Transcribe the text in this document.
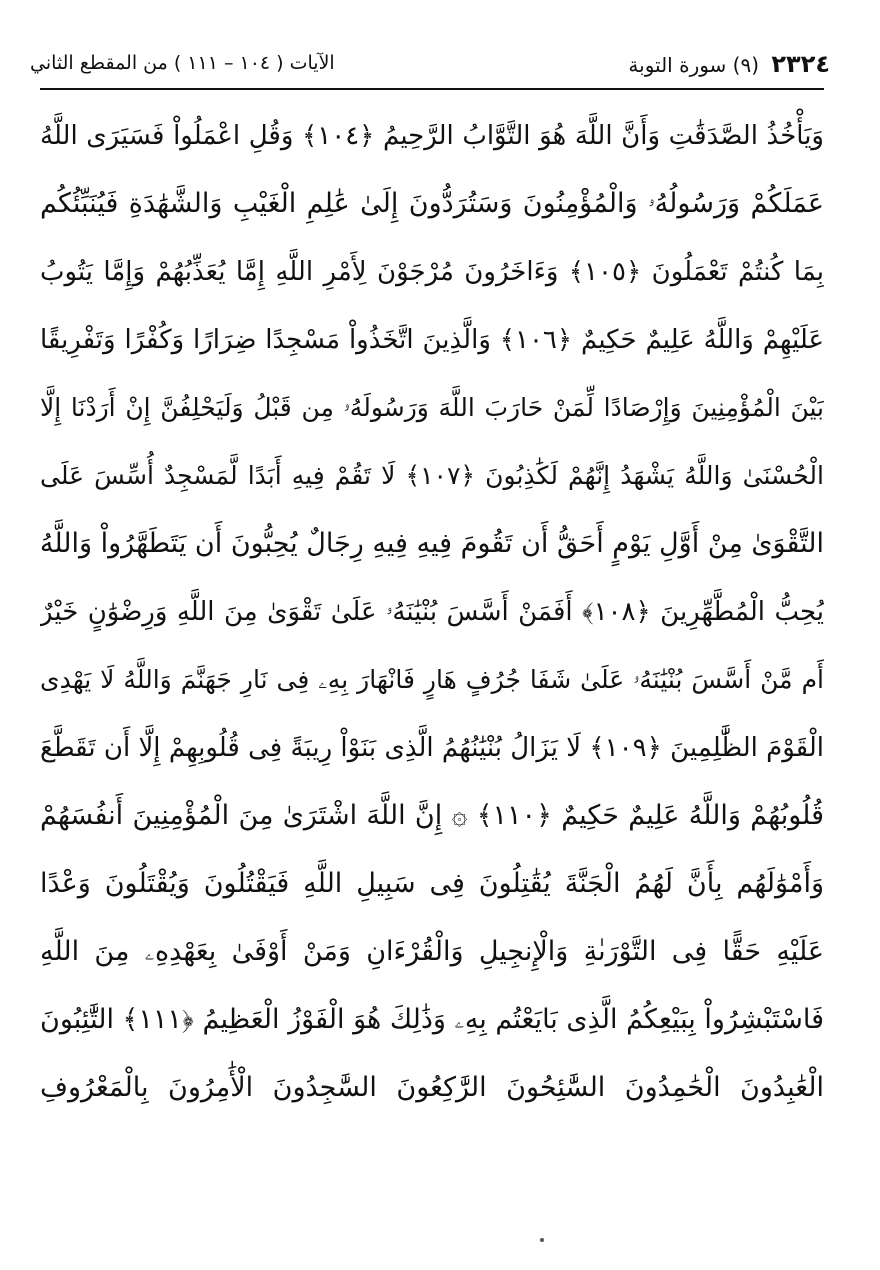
٢٣٢٤ (٩) سورة التوبة
الآيات ( ١٠٤ – ١١١ ) من المقطع الثاني
وَيَأْخُذُ الصَّدَقَٰتِ وَأَنَّ اللَّهَ هُوَ التَّوَّابُ الرَّحِيمُ ﴿١٠٤﴾ وَقُلِ اعْمَلُواْ فَسَيَرَى اللَّهُ
عَمَلَكُمْ وَرَسُولُهُۥ وَالْمُؤْمِنُونَ وَسَتُرَدُّونَ إِلَىٰ عَٰلِمِ الْغَيْبِ وَالشَّهَٰدَةِ فَيُنَبِّئُكُم
بِمَا كُنتُمْ تَعْمَلُونَ ﴿١٠٥﴾ وَءَاخَرُونَ مُرْجَوْنَ لِأَمْرِ اللَّهِ إِمَّا يُعَذِّبُهُمْ وَإِمَّا يَتُوبُ
عَلَيْهِمْ وَاللَّهُ عَلِيمٌ حَكِيمٌ ﴿١٠٦﴾ وَالَّذِينَ اتَّخَذُواْ مَسْجِدًا ضِرَارًا وَكُفْرًا وَتَفْرِيقًا
بَيْنَ الْمُؤْمِنِينَ وَإِرْصَادًا لِّمَنْ حَارَبَ اللَّهَ وَرَسُولَهُۥ مِن قَبْلُ وَلَيَحْلِفُنَّ إِنْ أَرَدْنَا إِلَّا
الْحُسْنَىٰ وَاللَّهُ يَشْهَدُ إِنَّهُمْ لَكَٰذِبُونَ ﴿١٠٧﴾ لَا تَقُمْ فِيهِ أَبَدًا لَّمَسْجِدٌ أُسِّسَ عَلَى
التَّقْوَىٰ مِنْ أَوَّلِ يَوْمٍ أَحَقُّ أَن تَقُومَ فِيهِ فِيهِ رِجَالٌ يُحِبُّونَ أَن يَتَطَهَّرُواْ وَاللَّهُ
يُحِبُّ الْمُطَّهِّرِينَ ﴿١٠٨﴾ أَفَمَنْ أَسَّسَ بُنْيَٰنَهُۥ عَلَىٰ تَقْوَىٰ مِنَ اللَّهِ وَرِضْوَٰنٍ خَيْرٌ
أَم مَّنْ أَسَّسَ بُنْيَٰنَهُۥ عَلَىٰ شَفَا جُرُفٍ هَارٍ فَانْهَارَ بِهِۦ فِى نَارِ جَهَنَّمَ وَاللَّهُ لَا يَهْدِى
الْقَوْمَ الظَّٰلِمِينَ ﴿١٠٩﴾ لَا يَزَالُ بُنْيَٰنُهُمُ الَّذِى بَنَوْاْ رِيبَةً فِى قُلُوبِهِمْ إِلَّا أَن تَقَطَّعَ
قُلُوبُهُمْ وَاللَّهُ عَلِيمٌ حَكِيمٌ ﴿١١٠﴾ ۞ إِنَّ اللَّهَ اشْتَرَىٰ مِنَ الْمُؤْمِنِينَ أَنفُسَهُمْ
وَأَمْوَٰلَهُم بِأَنَّ لَهُمُ الْجَنَّةَ يُقَٰتِلُونَ فِى سَبِيلِ اللَّهِ فَيَقْتُلُونَ وَيُقْتَلُونَ وَعْدًا
عَلَيْهِ حَقًّا فِى التَّوْرَىٰةِ وَالْإِنجِيلِ وَالْقُرْءَانِ وَمَنْ أَوْفَىٰ بِعَهْدِهِۦ مِنَ اللَّهِ
فَاسْتَبْشِرُواْ بِبَيْعِكُمُ الَّذِى بَايَعْتُم بِهِۦ وَذَٰلِكَ هُوَ الْفَوْزُ الْعَظِيمُ ﴿١١١﴾ التَّٰئِبُونَ
الْعَٰبِدُونَ الْحَٰمِدُونَ السَّٰئِحُونَ الرَّٰكِعُونَ السَّٰجِدُونَ الْأَٰمِرُونَ بِالْمَعْرُوفِ
